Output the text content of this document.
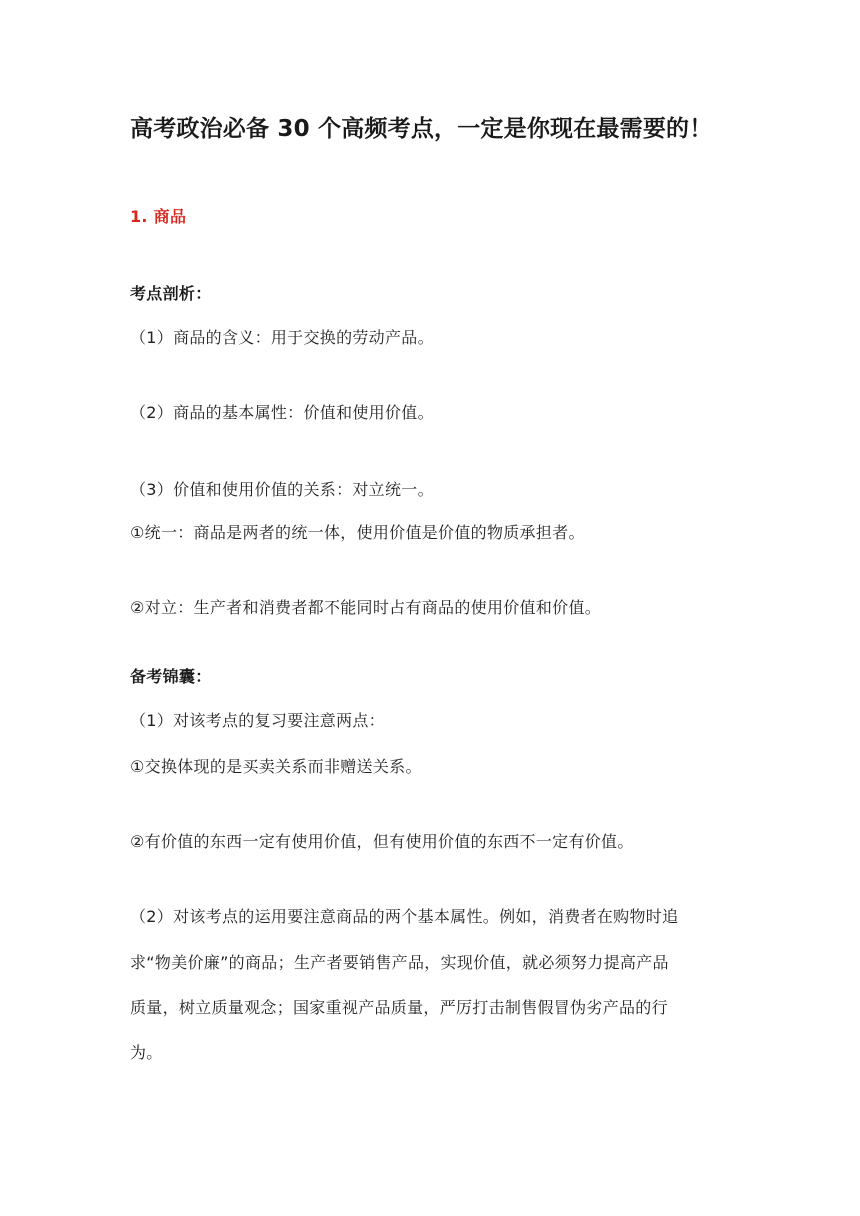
高考政治必备 30 个高频考点，一定是你现在最需要的！
1. 商品
考点剖析：
（1）商品的含义：用于交换的劳动产品。
（2）商品的基本属性：价值和使用价值。
（3）价值和使用价值的关系：对立统一。
①统一：商品是两者的统一体，使用价值是价值的物质承担者。
②对立：生产者和消费者都不能同时占有商品的使用价值和价值。
备考锦囊：
（1）对该考点的复习要注意两点：
①交换体现的是买卖关系而非赠送关系。
②有价值的东西一定有使用价值，但有使用价值的东西不一定有价值。
（2）对该考点的运用要注意商品的两个基本属性。例如，消费者在购物时追
求“物美价廉”的商品；生产者要销售产品，实现价值，就必须努力提高产品
质量，树立质量观念；国家重视产品质量，严厉打击制售假冒伪劣产品的行
为。
